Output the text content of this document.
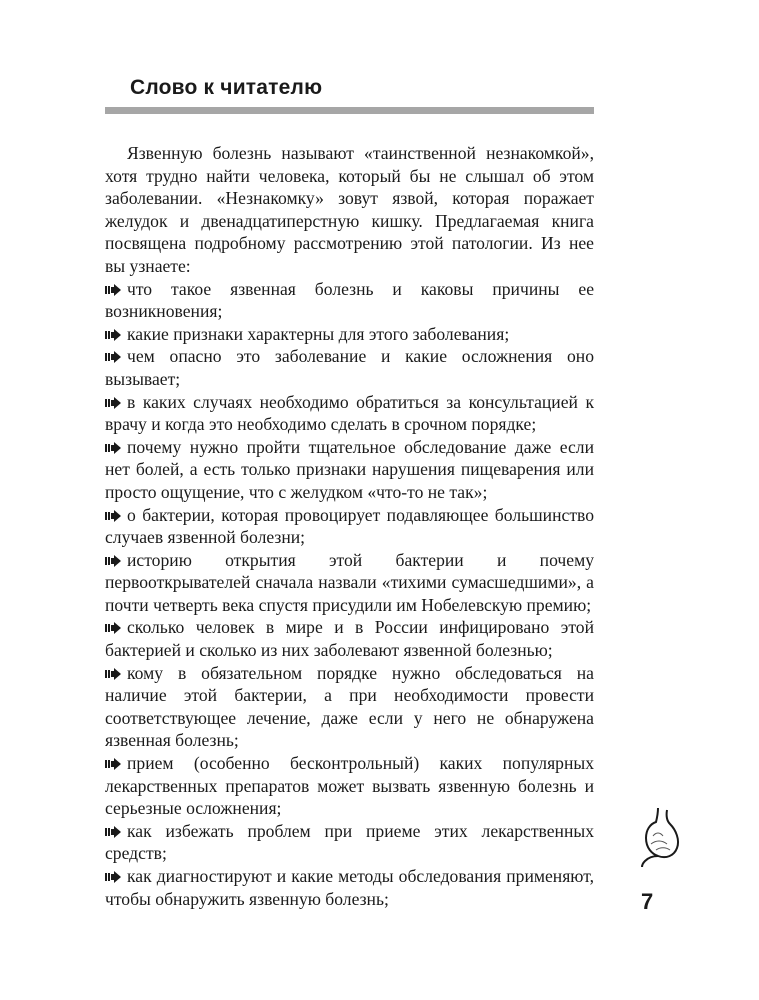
Слово к читателю

Язвенную болезнь называют «таинственной незнакомкой», хотя трудно найти человека, который бы не слышал об этом заболевании. «Незнакомку» зовут язвой, которая поражает желудок и двенадцатиперстную кишку. Предлагаемая книга посвящена подробному рассмотрению этой патологии. Из нее вы узнаете:

что такое язвенная болезнь и каковы причины ее возникновения;
какие признаки характерны для этого заболевания;
чем опасно это заболевание и какие осложнения оно вызывает;
в каких случаях необходимо обратиться за консультацией к врачу и когда это необходимо сделать в срочном порядке;
почему нужно пройти тщательное обследование даже если нет болей, а есть только признаки нарушения пищеварения или просто ощущение, что с желудком «что-то не так»;
о бактерии, которая провоцирует подавляющее большинство случаев язвенной болезни;
историю открытия этой бактерии и почему первооткрывателей сначала назвали «тихими сумасшедшими», а почти четверть века спустя присудили им Нобелевскую премию;
сколько человек в мире и в России инфицировано этой бактерией и сколько из них заболевают язвенной болезнью;
кому в обязательном порядке нужно обследоваться на наличие этой бактерии, а при необходимости провести соответствующее лечение, даже если у него не обнаружена язвенная болезнь;
прием (особенно бесконтрольный) каких популярных лекарственных препаратов может вызвать язвенную болезнь и серьезные осложнения;
как избежать проблем при приеме этих лекарственных средств;
как диагностируют и какие методы обследования применяют, чтобы обнаружить язвенную болезнь;	7
